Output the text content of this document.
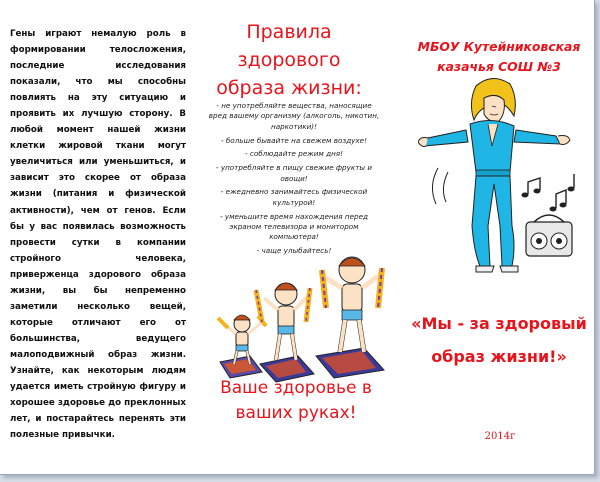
Гены играют немалую роль в формировании телосложения, последние исследования показали, что мы способны повлиять на эту ситуацию и проявить их лучшую сторону. В любой момент нашей жизни клетки жировой ткани могут увеличиться или уменьшиться, и зависит это скорее от образа жизни (питания и физической активности), чем от генов. Если бы у вас появилась возможность провести сутки в компании стройного человека, приверженца здорового образа жизни, вы бы непременно заметили несколько вещей, которые отличают его от большинства, ведущего малоподвижный образ жизни. Узнайте, как некоторым людям удается иметь стройную фигуру и хорошее здоровье до преклонных лет, и постарайтесь перенять эти полезные привычки.
Правила здорового образа жизни:

- не употребляйте вещества, наносящие вред вашему организму (алкоголь, никотин, наркотики)!

- больше бывайте на свежем воздухе!

- соблюдайте режим дня!

- употребляйте в пищу свежие фрукты и овощи!

- ежедневно занимайтесь физической культурой!

- уменьшите время нахождения перед экраном телевизора и монитором компьютера!

- чаще улыбайтесь!

Ваше здоровье в ваших руках!
МБОУ Кутейниковская казачья СОШ №3
«Мы - за здоровый образ жизни!»
2014г
